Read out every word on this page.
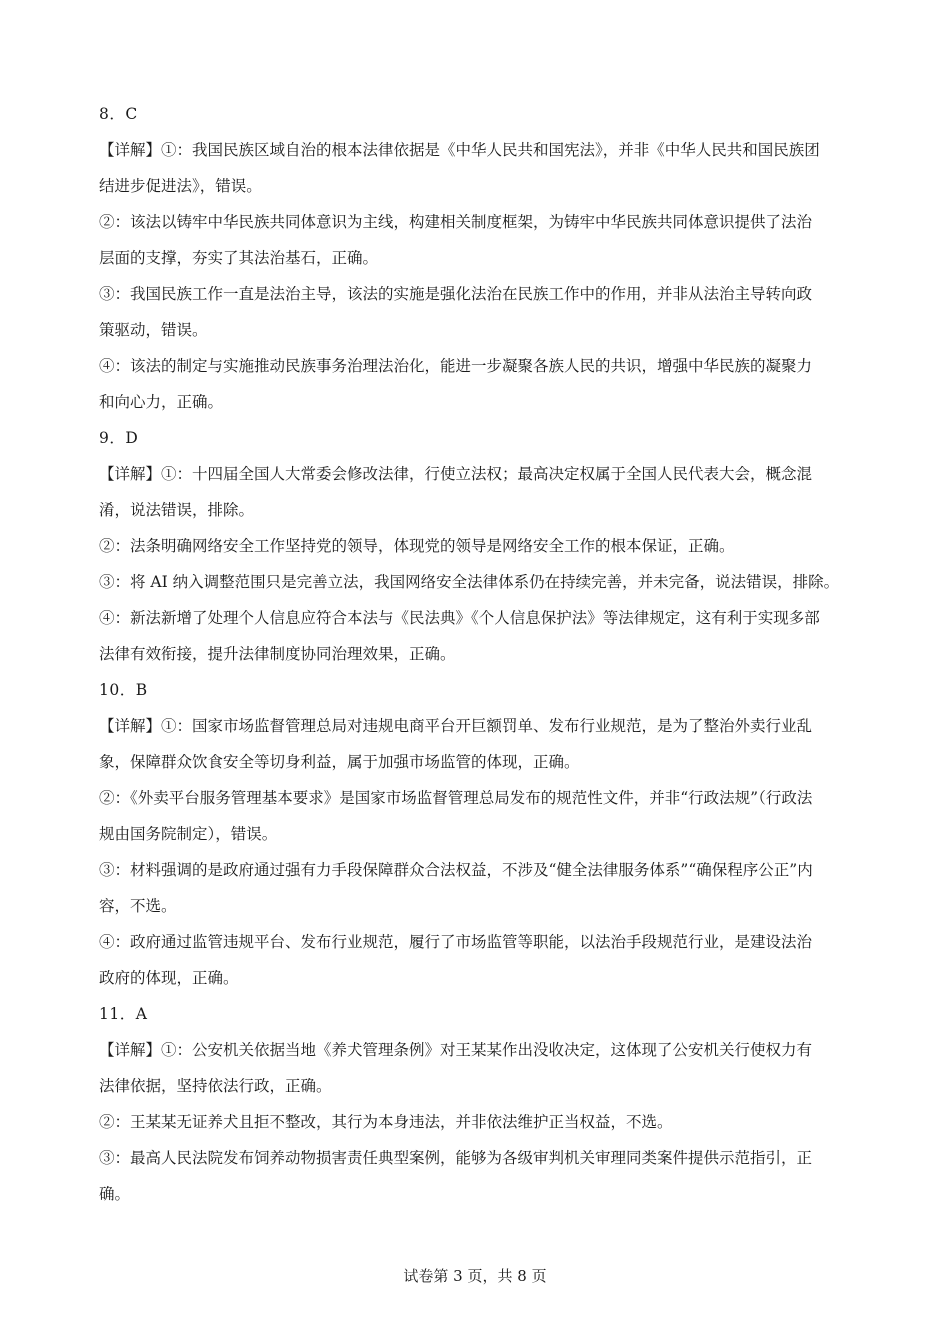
8．C
【详解】①：我国民族区域自治的根本法律依据是《中华人民共和国宪法》，并非《中华人民共和国民族团
结进步促进法》，错误。
②：该法以铸牢中华民族共同体意识为主线，构建相关制度框架，为铸牢中华民族共同体意识提供了法治
层面的支撑，夯实了其法治基石，正确。
③：我国民族工作一直是法治主导，该法的实施是强化法治在民族工作中的作用，并非从法治主导转向政
策驱动，错误。
④：该法的制定与实施推动民族事务治理法治化，能进一步凝聚各族人民的共识，增强中华民族的凝聚力
和向心力，正确。
9．D
【详解】①：十四届全国人大常委会修改法律，行使立法权；最高决定权属于全国人民代表大会，概念混
淆，说法错误，排除。
②：法条明确网络安全工作坚持党的领导，体现党的领导是网络安全工作的根本保证，正确。
③：将 AI 纳入调整范围只是完善立法，我国网络安全法律体系仍在持续完善，并未完备，说法错误，排除。
④：新法新增了处理个人信息应符合本法与《民法典》《个人信息保护法》等法律规定，这有利于实现多部
法律有效衔接，提升法律制度协同治理效果，正确。
10．B
【详解】①：国家市场监督管理总局对违规电商平台开巨额罚单、发布行业规范，是为了整治外卖行业乱
象，保障群众饮食安全等切身利益，属于加强市场监管的体现，正确。
②：《外卖平台服务管理基本要求》是国家市场监督管理总局发布的规范性文件，并非“行政法规”（行政法
规由国务院制定），错误。
③：材料强调的是政府通过强有力手段保障群众合法权益，不涉及“健全法律服务体系”“确保程序公正”内
容，不选。
④：政府通过监管违规平台、发布行业规范，履行了市场监管等职能，以法治手段规范行业，是建设法治
政府的体现，正确。
11．A
【详解】①：公安机关依据当地《养犬管理条例》对王某某作出没收决定，这体现了公安机关行使权力有
法律依据，坚持依法行政，正确。
②：王某某无证养犬且拒不整改，其行为本身违法，并非依法维护正当权益，不选。
③：最高人民法院发布饲养动物损害责任典型案例，能够为各级审判机关审理同类案件提供示范指引，正
确。
试卷第 3 页，共 8 页
